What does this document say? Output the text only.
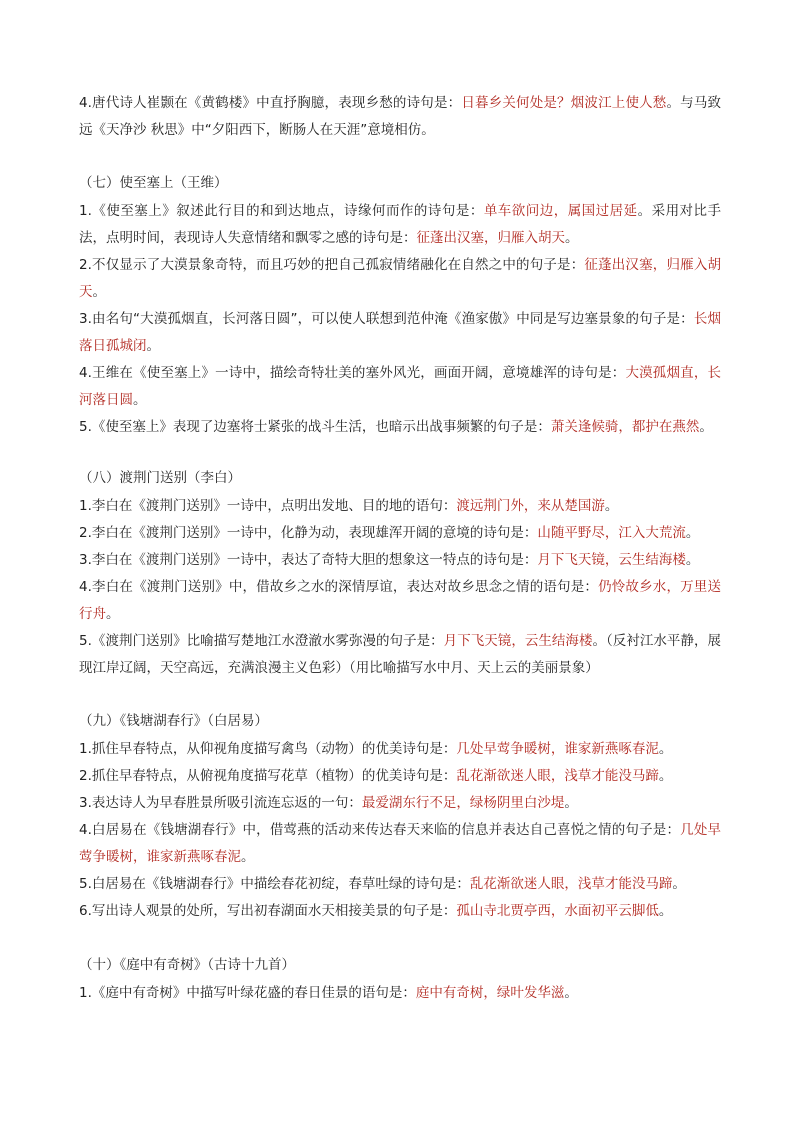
4.唐代诗人崔颢在《黄鹤楼》中直抒胸臆，表现乡愁的诗句是：日暮乡关何处是？烟波江上使人愁。与马致远《天净沙 秋思》中“夕阳西下，断肠人在天涯”意境相仿。

（七）使至塞上（王维）

1.《使至塞上》叙述此行目的和到达地点，诗缘何而作的诗句是：单车欲问边，属国过居延。采用对比手法，点明时间，表现诗人失意情绪和飘零之感的诗句是：征蓬出汉塞，归雁入胡天。

2.不仅显示了大漠景象奇特，而且巧妙的把自己孤寂情绪融化在自然之中的句子是：征蓬出汉塞，归雁入胡天。

3.由名句“大漠孤烟直，长河落日圆”，可以使人联想到范仲淹《渔家傲》中同是写边塞景象的句子是：长烟落日孤城闭。

4.王维在《使至塞上》一诗中，描绘奇特壮美的塞外风光，画面开阔，意境雄浑的诗句是：大漠孤烟直，长河落日圆。

5.《使至塞上》表现了边塞将士紧张的战斗生活，也暗示出战事频繁的句子是：萧关逢候骑，都护在燕然。

（八）渡荆门送别（李白）

1.李白在《渡荆门送别》一诗中，点明出发地、目的地的语句：渡远荆门外，来从楚国游。

2.李白在《渡荆门送别》一诗中，化静为动，表现雄浑开阔的意境的诗句是：山随平野尽，江入大荒流。

3.李白在《渡荆门送别》一诗中，表达了奇特大胆的想象这一特点的诗句是：月下飞天镜，云生结海楼。

4.李白在《渡荆门送别》中，借故乡之水的深情厚谊，表达对故乡思念之情的语句是：仍怜故乡水，万里送行舟。

5.《渡荆门送别》比喻描写楚地江水澄澈水雾弥漫的句子是：月下飞天镜，云生结海楼。（反衬江水平静，展现江岸辽阔，天空高远，充满浪漫主义色彩）（用比喻描写水中月、天上云的美丽景象）

（九）《钱塘湖春行》（白居易）

1.抓住早春特点，从仰视角度描写禽鸟（动物）的优美诗句是：几处早莺争暖树，谁家新燕啄春泥。

2.抓住早春特点，从俯视角度描写花草（植物）的优美诗句是：乱花渐欲迷人眼，浅草才能没马蹄。

3.表达诗人为早春胜景所吸引流连忘返的一句：最爱湖东行不足，绿杨阴里白沙堤。

4.白居易在《钱塘湖春行》中，借莺燕的活动来传达春天来临的信息并表达自己喜悦之情的句子是：几处早莺争暖树，谁家新燕啄春泥。

5.白居易在《钱塘湖春行》中描绘春花初绽，春草吐绿的诗句是：乱花渐欲迷人眼，浅草才能没马蹄。

6.写出诗人观景的处所，写出初春湖面水天相接美景的句子是：孤山寺北贾亭西，水面初平云脚低。

（十）《庭中有奇树》（古诗十九首）

1.《庭中有奇树》中描写叶绿花盛的春日佳景的语句是：庭中有奇树，绿叶发华滋。
